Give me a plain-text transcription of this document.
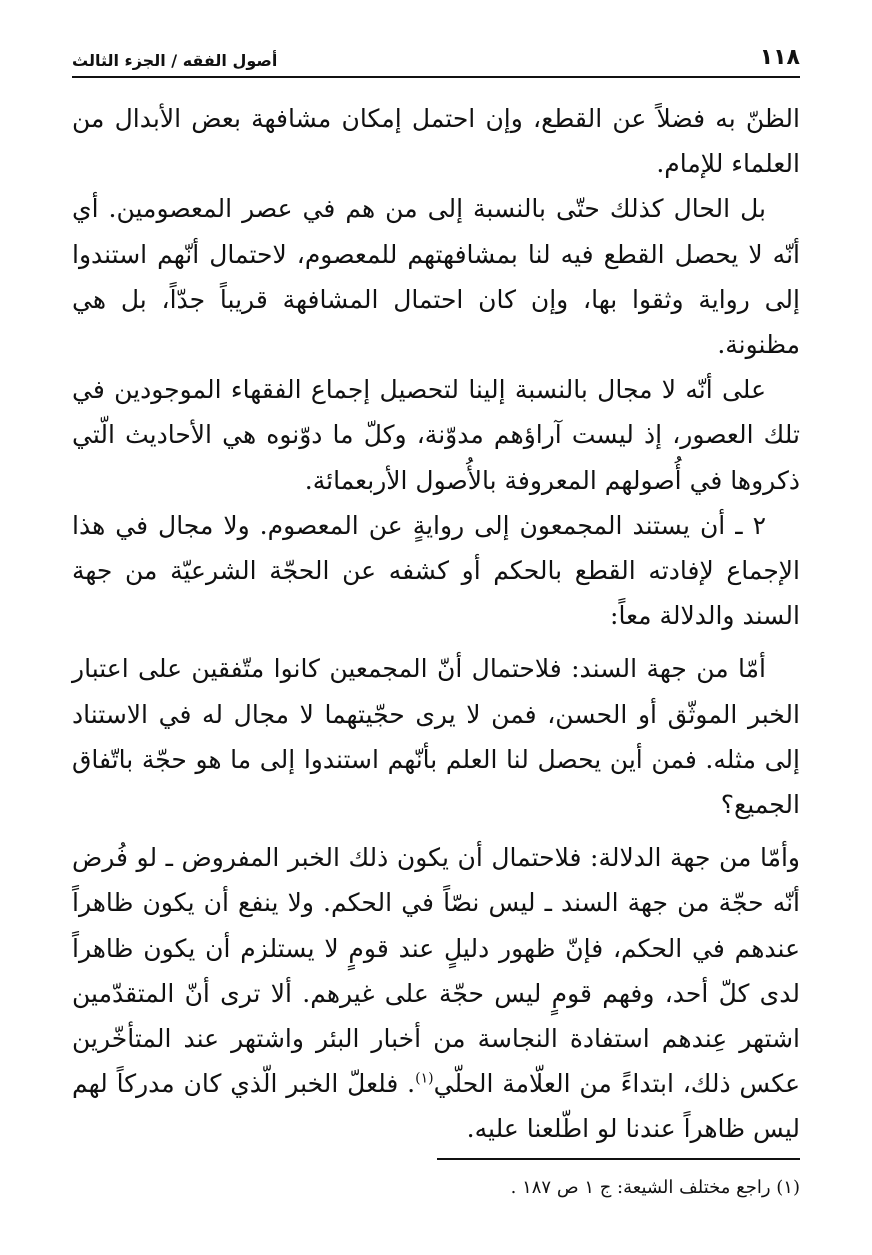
١١٨
أصول الفقه / الجزء الثالث

الظنّ به فضلاً عن القطع، وإن احتمل إمكان مشافهة بعض الأبدال من العلماء للإمام.

بل الحال كذلك حتّى بالنسبة إلى من هم في عصر المعصومين. أي أنّه لا يحصل القطع فيه لنا بمشافهتهم للمعصوم، لاحتمال أنّهم استندوا إلى رواية وثقوا بها، وإن كان احتمال المشافهة قريباً جدّاً، بل هي مظنونة.

على أنّه لا مجال بالنسبة إلينا لتحصيل إجماع الفقهاء الموجودين في تلك العصور، إذ ليست آراؤهم مدوّنة، وكلّ ما دوّنوه هي الأحاديث الّتي ذكروها في أُصولهم المعروفة بالأُصول الأربعمائة.

٢ ـ أن يستند المجمعون إلى روايةٍ عن المعصوم. ولا مجال في هذا الإجماع لإفادته القطع بالحكم أو كشفه عن الحجّة الشرعيّة من جهة السند والدلالة معاً:

أمّا من جهة السند: فلاحتمال أنّ المجمعين كانوا متّفقين على اعتبار الخبر الموثّق أو الحسن، فمن لا يرى حجّيتهما لا مجال له في الاستناد إلى مثله. فمن أين يحصل لنا العلم بأنّهم استندوا إلى ما هو حجّة باتّفاق الجميع؟

وأمّا من جهة الدلالة: فلاحتمال أن يكون ذلك الخبر المفروض ـ لو فُرض أنّه حجّة من جهة السند ـ ليس نصّاً في الحكم. ولا ينفع أن يكون ظاهراً عندهم في الحكم، فإنّ ظهور دليلٍ عند قومٍ لا يستلزم أن يكون ظاهراً لدى كلّ أحد، وفهم قومٍ ليس حجّة على غيرهم. ألا ترى أنّ المتقدّمين اشتهر عِندهم استفادة النجاسة من أخبار البئر واشتهر عند المتأخّرين عكس ذلك، ابتداءً من العلّامة الحلّي$^{(١)}$. فلعلّ الخبر الّذي كان مدركاً لهم ليس ظاهراً عندنا لو اطّلعنا عليه.

(١) راجع مختلف الشيعة: ج ١ ص ١٨٧ .
